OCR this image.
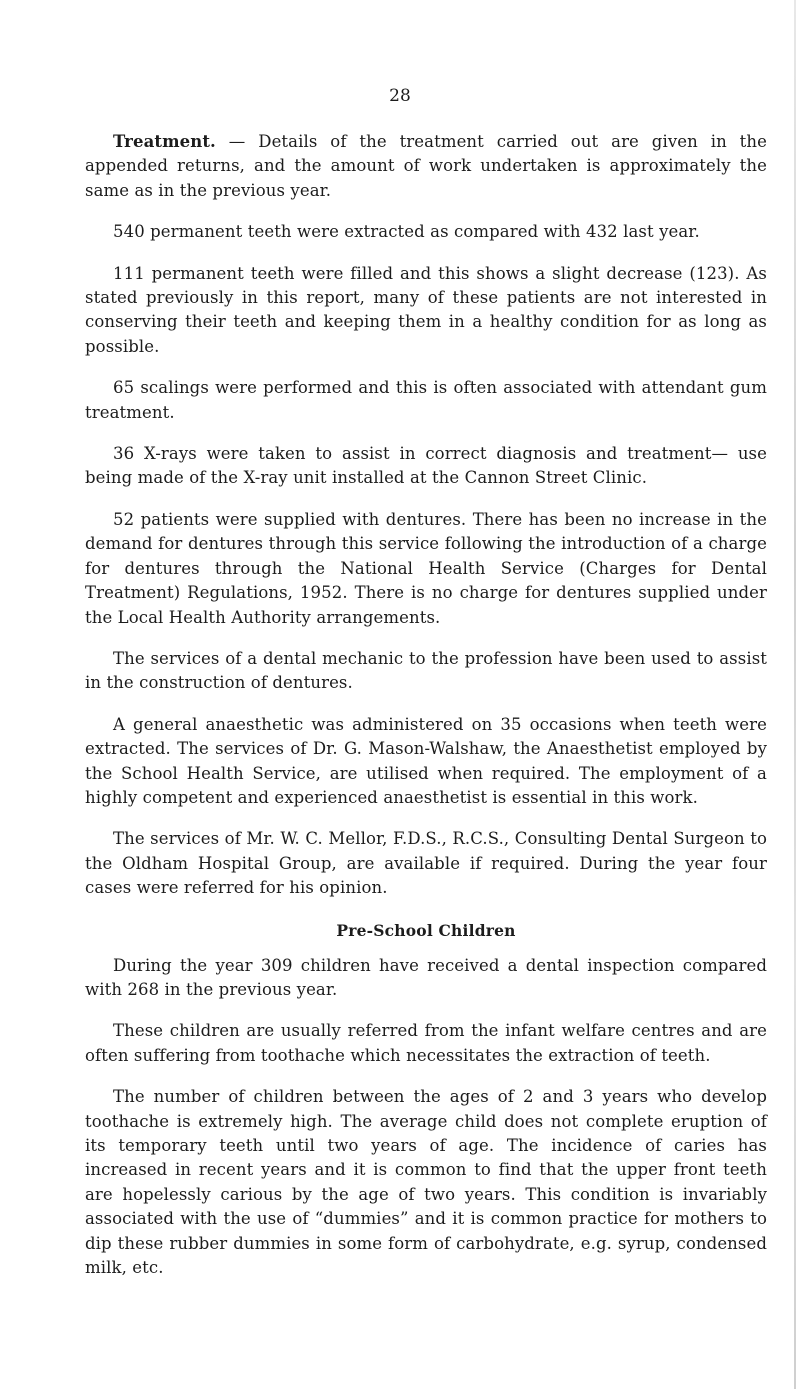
28

Treatment. — Details of the treatment carried out are given in the appended returns, and the amount of work undertaken is approximately the same as in the previous year.

540 permanent teeth were extracted as compared with 432 last year.

111 permanent teeth were filled and this shows a slight decrease (123). As stated previously in this report, many of these patients are not interested in conserving their teeth and keeping them in a healthy condition for as long as possible.

65 scalings were performed and this is often associated with attendant gum treatment.

36 X-rays were taken to assist in correct diagnosis and treatment— use being made of the X-ray unit installed at the Cannon Street Clinic.

52 patients were supplied with dentures. There has been no increase in the demand for dentures through this service following the introduction of a charge for dentures through the National Health Service (Charges for Dental Treatment) Regulations, 1952. There is no charge for dentures supplied under the Local Health Authority arrangements.

The services of a dental mechanic to the profession have been used to assist in the construction of dentures.

A general anaesthetic was administered on 35 occasions when teeth were extracted. The services of Dr. G. Mason-Walshaw, the Anaesthetist employed by the School Health Service, are utilised when required. The employment of a highly competent and experienced anaesthetist is essential in this work.

The services of Mr. W. C. Mellor, F.D.S., R.C.S., Consulting Dental Surgeon to the Oldham Hospital Group, are available if required. During the year four cases were referred for his opinion.

Pre-School Children

During the year 309 children have received a dental inspection compared with 268 in the previous year.

These children are usually referred from the infant welfare centres and are often suffering from toothache which necessitates the extraction of teeth.

The number of children between the ages of 2 and 3 years who develop toothache is extremely high. The average child does not complete eruption of its temporary teeth until two years of age. The incidence of caries has increased in recent years and it is common to find that the upper front teeth are hopelessly carious by the age of two years. This condition is invariably associated with the use of “dummies” and it is common practice for mothers to dip these rubber dummies in some form of carbohydrate, e.g. syrup, condensed milk, etc.
